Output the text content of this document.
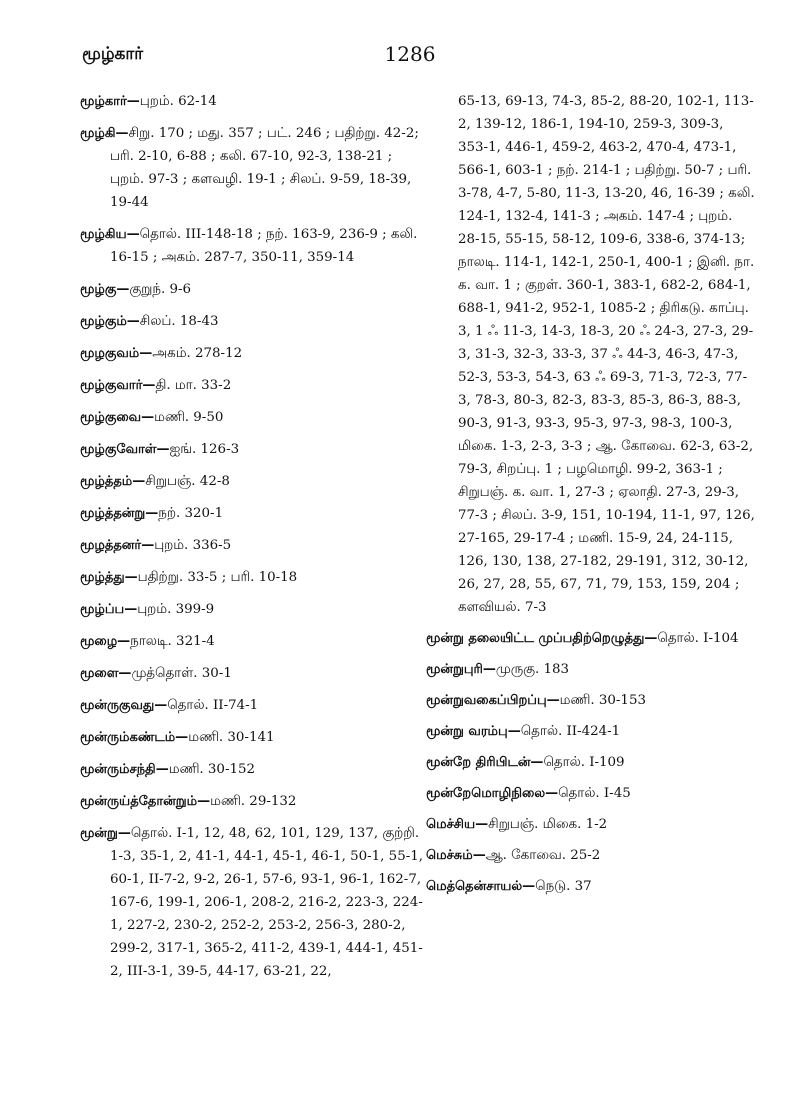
மூழ்கார்	1286
மூழ்கார்—புறம். 62-14
மூழ்கி—சிறு. 170 ; மது. 357 ; பட். 246 ; பதிற்று. 42-2; பரி. 2-10, 6-88 ; கலி. 67-10, 92-3, 138-21 ; புறம். 97-3 ; களவழி. 19-1 ; சிலப். 9-59, 18-39, 19-44
மூழ்கிய—தொல். III-148-18 ; நற். 163-9, 236-9 ; கலி. 16-15 ; அகம். 287-7, 350-11, 359-14
மூழ்கு—குறுந். 9-6
மூழ்கும்—சிலப். 18-43
மூழகுவம்—அகம். 278-12
மூழ்குவார்—தி. மா. 33-2
மூழ்குவை—மணி. 9-50
மூழ்குவோள்—ஐங். 126-3
மூழ்த்தம்—சிறுபஞ். 42-8
மூழ்த்தன்று—நற். 320-1
மூழத்தனர்—புறம். 336-5
மூழ்த்து—பதிற்று. 33-5 ; பரி. 10-18
மூழ்ப்ப—புறம். 399-9
மூழை—நாலடி. 321-4
மூளை—முத்தொள். 30-1
மூன்ருகுவது—தொல். II-74-1
மூன்ரும்கண்டம்—மணி. 30-141
மூன்ரும்சந்தி—மணி. 30-152
மூன்ருய்த்தோன்றும்—மணி. 29-132
மூன்று—தொல். I-1, 12, 48, 62, 101, 129, 137, குற்றி. 1-3, 35-1, 2, 41-1, 44-1, 45-1, 46-1, 50-1, 55-1, 60-1, II-7-2, 9-2, 26-1, 57-6, 93-1, 96-1, 162-7, 167-6, 199-1, 206-1, 208-2, 216-2, 223-3, 224-1, 227-2, 230-2, 252-2, 253-2, 256-3, 280-2, 299-2, 317-1, 365-2, 411-2, 439-1, 444-1, 451-2, III-3-1, 39-5, 44-17, 63-21, 22,
65-13, 69-13, 74-3, 85-2, 88-20, 102-1, 113-2, 139-12, 186-1, 194-10, 259-3, 309-3, 353-1, 446-1, 459-2, 463-2, 470-4, 473-1, 566-1, 603-1 ; நற். 214-1 ; பதிற்று. 50-7 ; பரி. 3-78, 4-7, 5-80, 11-3, 13-20, 46, 16-39 ; கலி. 124-1, 132-4, 141-3 ; அகம். 147-4 ; புறம். 28-15, 55-15, 58-12, 109-6, 338-6, 374-13; நாலடி. 114-1, 142-1, 250-1, 400-1 ; இனி. நா. க. வா. 1 ; குறள். 360-1, 383-1, 682-2, 684-1, 688-1, 941-2, 952-1, 1085-2 ; திரிகடு. காப்பு. 3, 1 ஃ 11-3, 14-3, 18-3, 20 ஃ 24-3, 27-3, 29-3, 31-3, 32-3, 33-3, 37 ஃ 44-3, 46-3, 47-3, 52-3, 53-3, 54-3, 63 ஃ 69-3, 71-3, 72-3, 77-3, 78-3, 80-3, 82-3, 83-3, 85-3, 86-3, 88-3, 90-3, 91-3, 93-3, 95-3, 97-3, 98-3, 100-3, மிகை. 1-3, 2-3, 3-3 ; ஆ. கோவை. 62-3, 63-2, 79-3, சிறப்பு. 1 ; பழமொழி. 99-2, 363-1 ; சிறுபஞ். க. வா. 1, 27-3 ; ஏலாதி. 27-3, 29-3, 77-3 ; சிலப். 3-9, 151, 10-194, 11-1, 97, 126, 27-165, 29-17-4 ; மணி. 15-9, 24, 24-115, 126, 130, 138, 27-182, 29-191, 312, 30-12, 26, 27, 28, 55, 67, 71, 79, 153, 159, 204 ; களவியல். 7-3
மூன்று தலையிட்ட முப்பதிற்றெழுத்து—தொல். I-104
மூன்றுபுரி—முருகு. 183
மூன்றுவகைப்பிறப்பு—மணி. 30-153
மூன்று வரம்பு—தொல். II-424-1
மூன்றே திரிபிடன்—தொல். I-109
மூன்றேமொழிநிலை—தொல். I-45
மெச்சிய—சிறுபஞ். மிகை. 1-2
மெச்சும்—ஆ. கோவை. 25-2
மெத்தென்சாயல்—நெடு. 37
